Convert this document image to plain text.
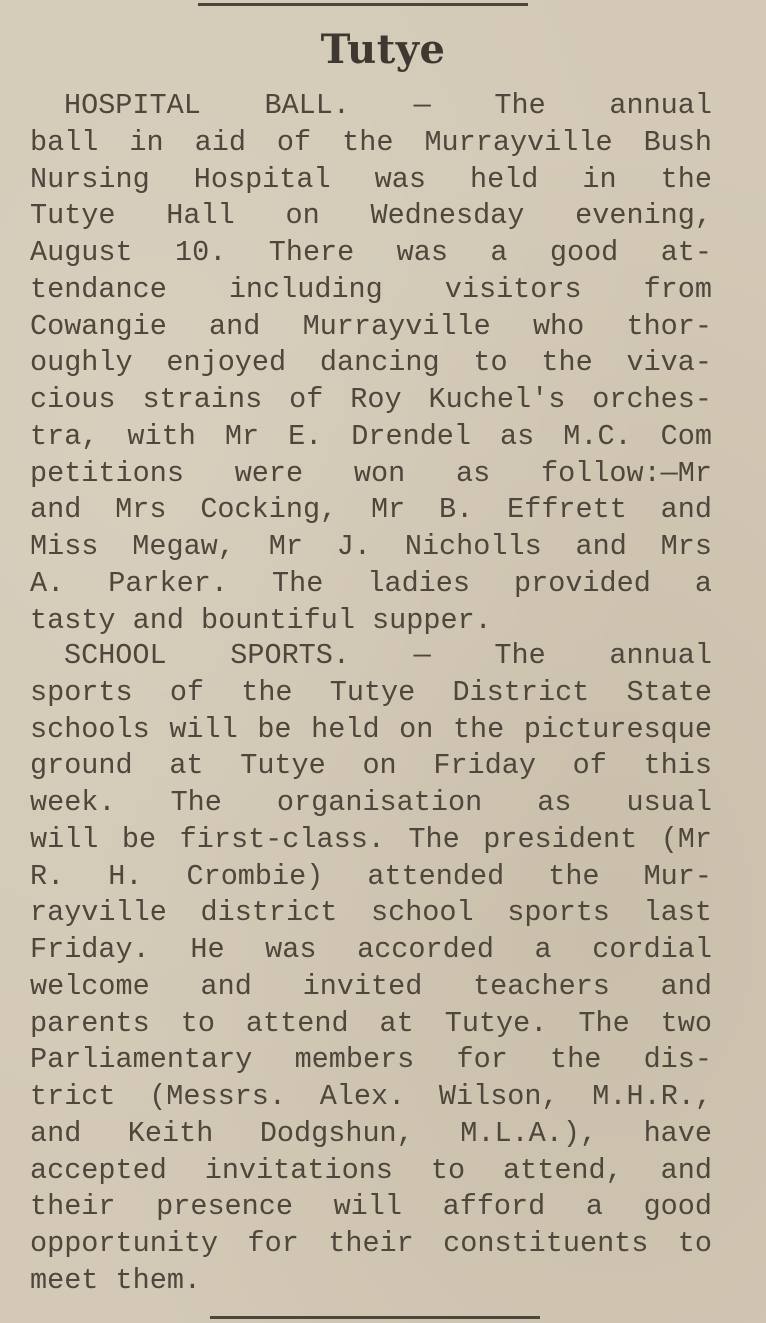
Tutye

HOSPITAL BALL. — The annual
ball in aid of the Murrayville Bush
Nursing Hospital was held in the
Tutye Hall on Wednesday evening,
August 10. There was a good at-
tendance including visitors from
Cowangie and Murrayville who thor-
oughly enjoyed dancing to the viva-
cious strains of Roy Kuchel's orches-
tra, with Mr E. Drendel as M.C. Com
petitions were won as follow:—Mr
and Mrs Cocking, Mr B. Effrett and
Miss Megaw, Mr J. Nicholls and Mrs
A. Parker. The ladies provided a
tasty and bountiful supper.

SCHOOL SPORTS. — The annual
sports of the Tutye District State
schools will be held on the picturesque
ground at Tutye on Friday of this
week. The organisation as usual
will be first-class. The president (Mr
R. H. Crombie) attended the Mur-
rayville district school sports last
Friday. He was accorded a cordial
welcome and invited teachers and
parents to attend at Tutye. The two
Parliamentary members for the dis-
trict (Messrs. Alex. Wilson, M.H.R.,
and Keith Dodgshun, M.L.A.), have
accepted invitations to attend, and
their presence will afford a good
opportunity for their constituents to
meet them.
